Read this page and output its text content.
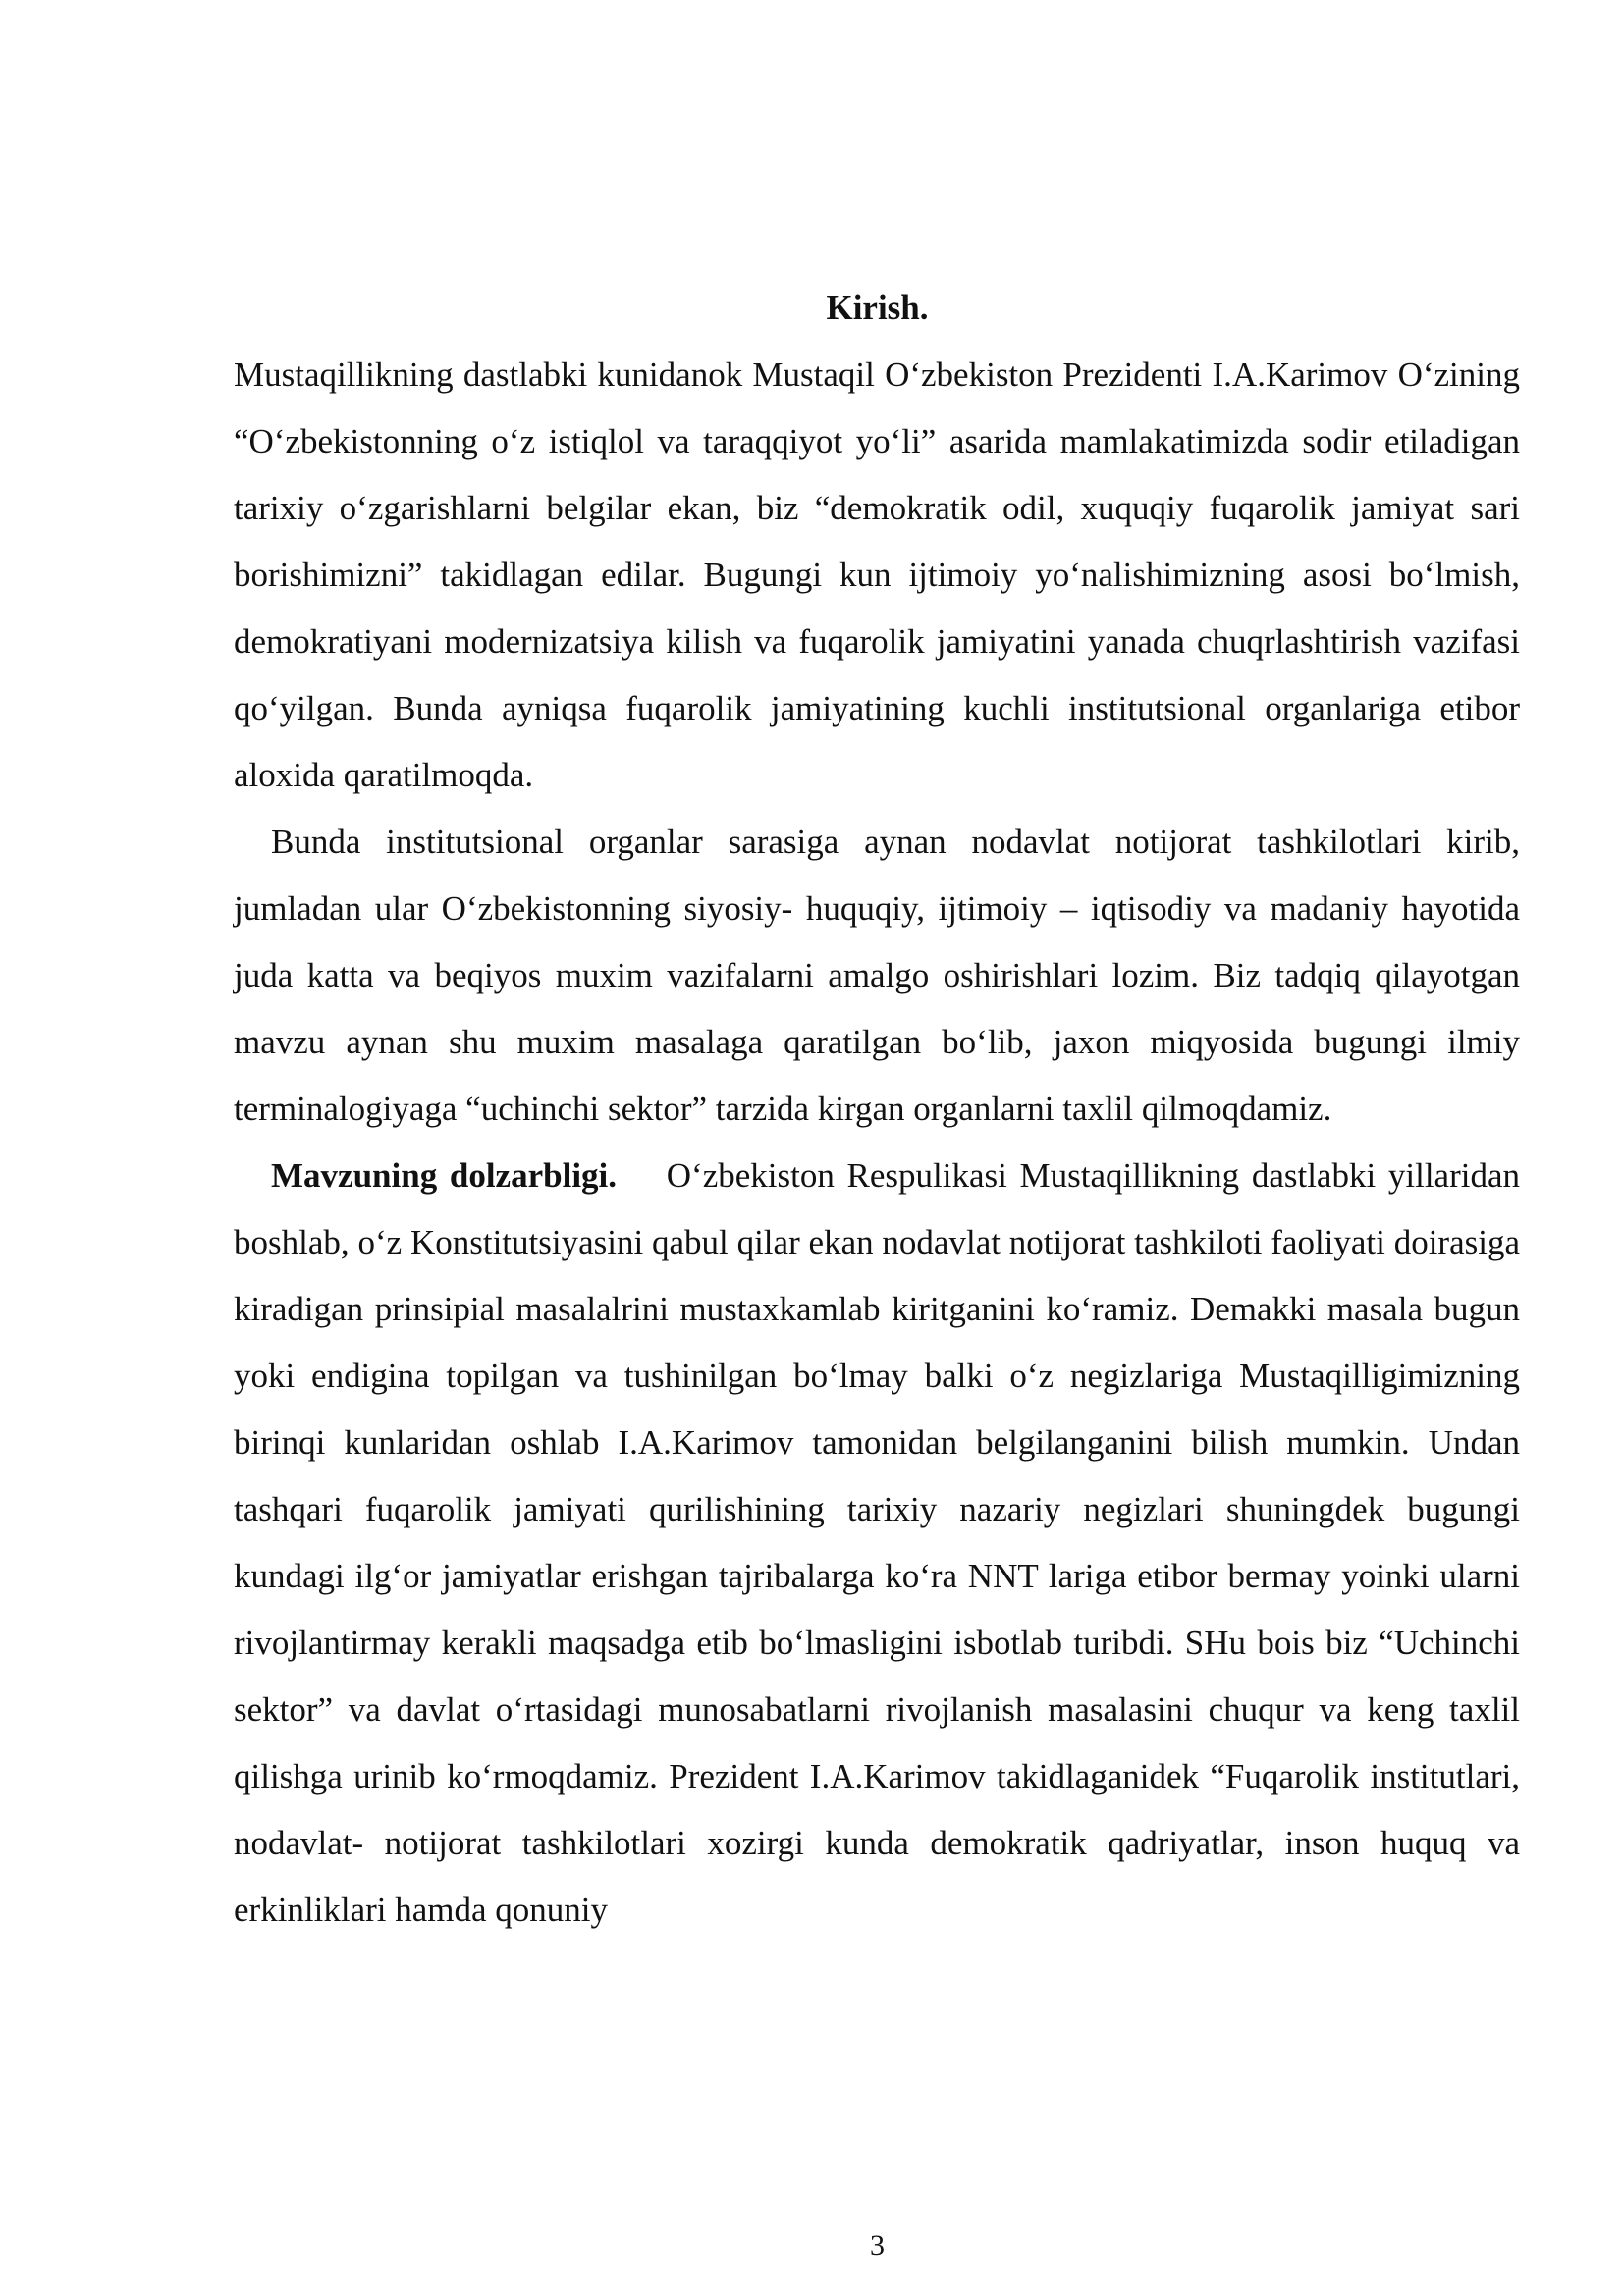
Kirish.

Mustaqillikning dastlabki kunidanok Mustaqil O‘zbekiston Prezidenti I.A.Karimov O‘zining “O‘zbekistonning o‘z istiqlol va taraqqiyot yo‘li” asarida mamlakatimizda sodir etiladigan tarixiy o‘zgarishlarni belgilar ekan, biz “demokratik odil, xuquqiy fuqarolik jamiyat sari borishimizni” takidlagan edilar. Bugungi kun ijtimoiy yo‘nalishimizning asosi bo‘lmish, demokratiyani modernizatsiya kilish va fuqarolik jamiyatini yanada chuqrlashtirish vazifasi qo‘yilgan. Bunda ayniqsa fuqarolik jamiyatining kuchli institutsional organlariga etibor aloxida qaratilmoqda.

Bunda institutsional organlar sarasiga aynan nodavlat notijorat tashkilotlari kirib, jumladan ular O‘zbekistonning siyosiy- huquqiy, ijtimoiy – iqtisodiy va madaniy hayotida juda katta va beqiyos muxim vazifalarni amalgo oshirishlari lozim. Biz tadqiq qilayotgan mavzu aynan shu muxim masalaga qaratilgan bo‘lib, jaxon miqyosida bugungi ilmiy terminalogiyaga “uchinchi sektor” tarzida kirgan organlarni taxlil qilmoqdamiz.

Mavzuning dolzarbligi. O‘zbekiston Respulikasi Mustaqillikning dastlabki yillaridan boshlab, o‘z Konstitutsiyasini qabul qilar ekan nodavlat notijorat tashkiloti faoliyati doirasiga kiradigan prinsipial masalalrini mustaxkamlab kiritganini ko‘ramiz. Demakki masala bugun yoki endigina topilgan va tushinilgan bo‘lmay balki o‘z negizlariga Mustaqilligimizning birinqi kunlaridan oshlab I.A.Karimov tamonidan belgilanganini bilish mumkin. Undan tashqari fuqarolik jamiyati qurilishining tarixiy nazariy negizlari shuningdek bugungi kundagi ilg‘or jamiyatlar erishgan tajribalarga ko‘ra NNT lariga etibor bermay yoinki ularni rivojlantirmay kerakli maqsadga etib bo‘lmasligini isbotlab turibdi. SHu bois biz “Uchinchi sektor” va davlat o‘rtasidagi munosabatlarni rivojlanish masalasini chuqur va keng taxlil qilishga urinib ko‘rmoqdamiz. Prezident I.A.Karimov takidlaganidek “Fuqarolik institutlari, nodavlat- notijorat tashkilotlari xozirgi kunda demokratik qadriyatlar, inson huquq va erkinliklari hamda qonuniy

3
